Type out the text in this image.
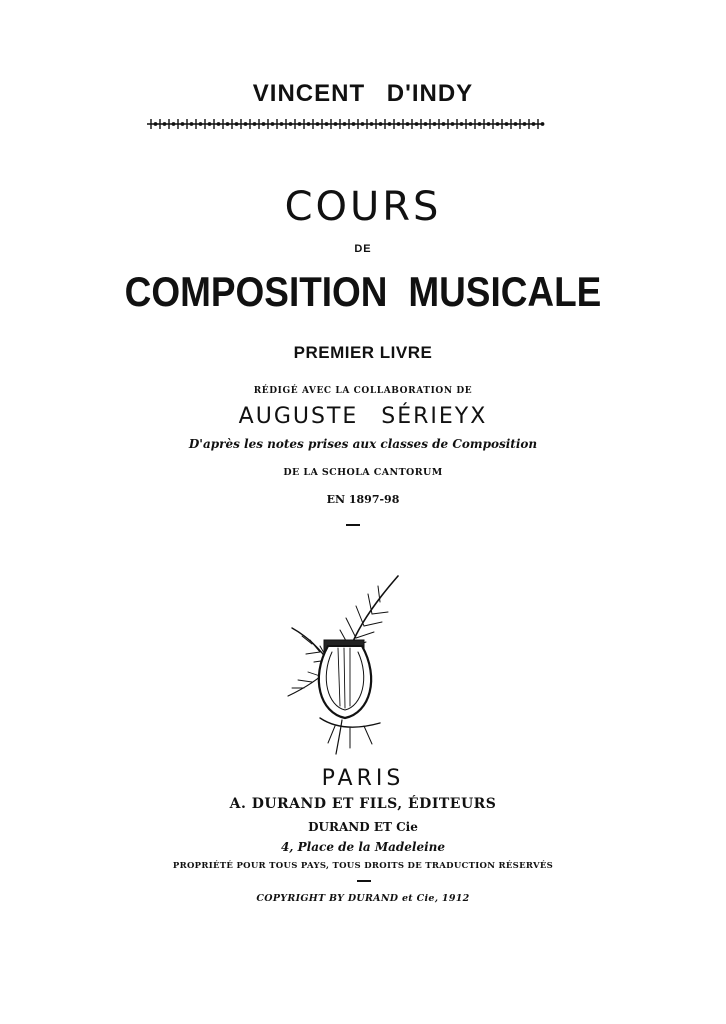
VINCENT D'INDY
COURS
DE
COMPOSITION MUSICALE
PREMIER LIVRE
RÉDIGÉ AVEC LA COLLABORATION DE
AUGUSTE SÉRIEYX
D'après les notes prises aux classes de Composition
DE LA SCHOLA CANTORUM
EN 1897-98
PARIS
A. DURAND ET FILS, ÉDITEURS
DURAND ET Cie
4, Place de la Madeleine
PROPRIÉTÉ POUR TOUS PAYS, TOUS DROITS DE TRADUCTION RÉSERVÉS
COPYRIGHT BY DURAND et Cie, 1912
